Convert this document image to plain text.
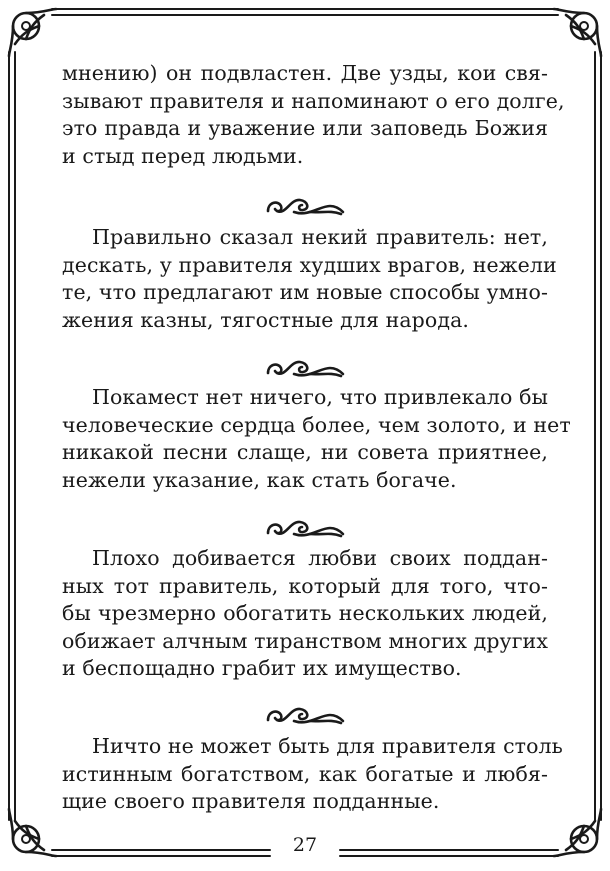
мнению) он подвластен. Две узды, кои свя-
зывают правителя и напоминают о его долге,
это правда и уважение или заповедь Божия
и стыд перед людьми.
Правильно сказал некий правитель: нет,
дескать, у правителя худших врагов, нежели
те, что предлагают им новые способы умно-
жения казны, тягостные для народа.
Покамест нет ничего, что привлекало бы
человеческие сердца более, чем золото, и нет
никакой песни слаще, ни совета приятнее,
нежели указание, как стать богаче.
Плохо добивается любви своих поддан-
ных тот правитель, который для того, что-
бы чрезмерно обогатить нескольких людей,
обижает алчным тиранством многих других
и беспощадно грабит их имущество.
Ничто не может быть для правителя столь
истинным богатством, как богатые и любя-
щие своего правителя подданные.
27
